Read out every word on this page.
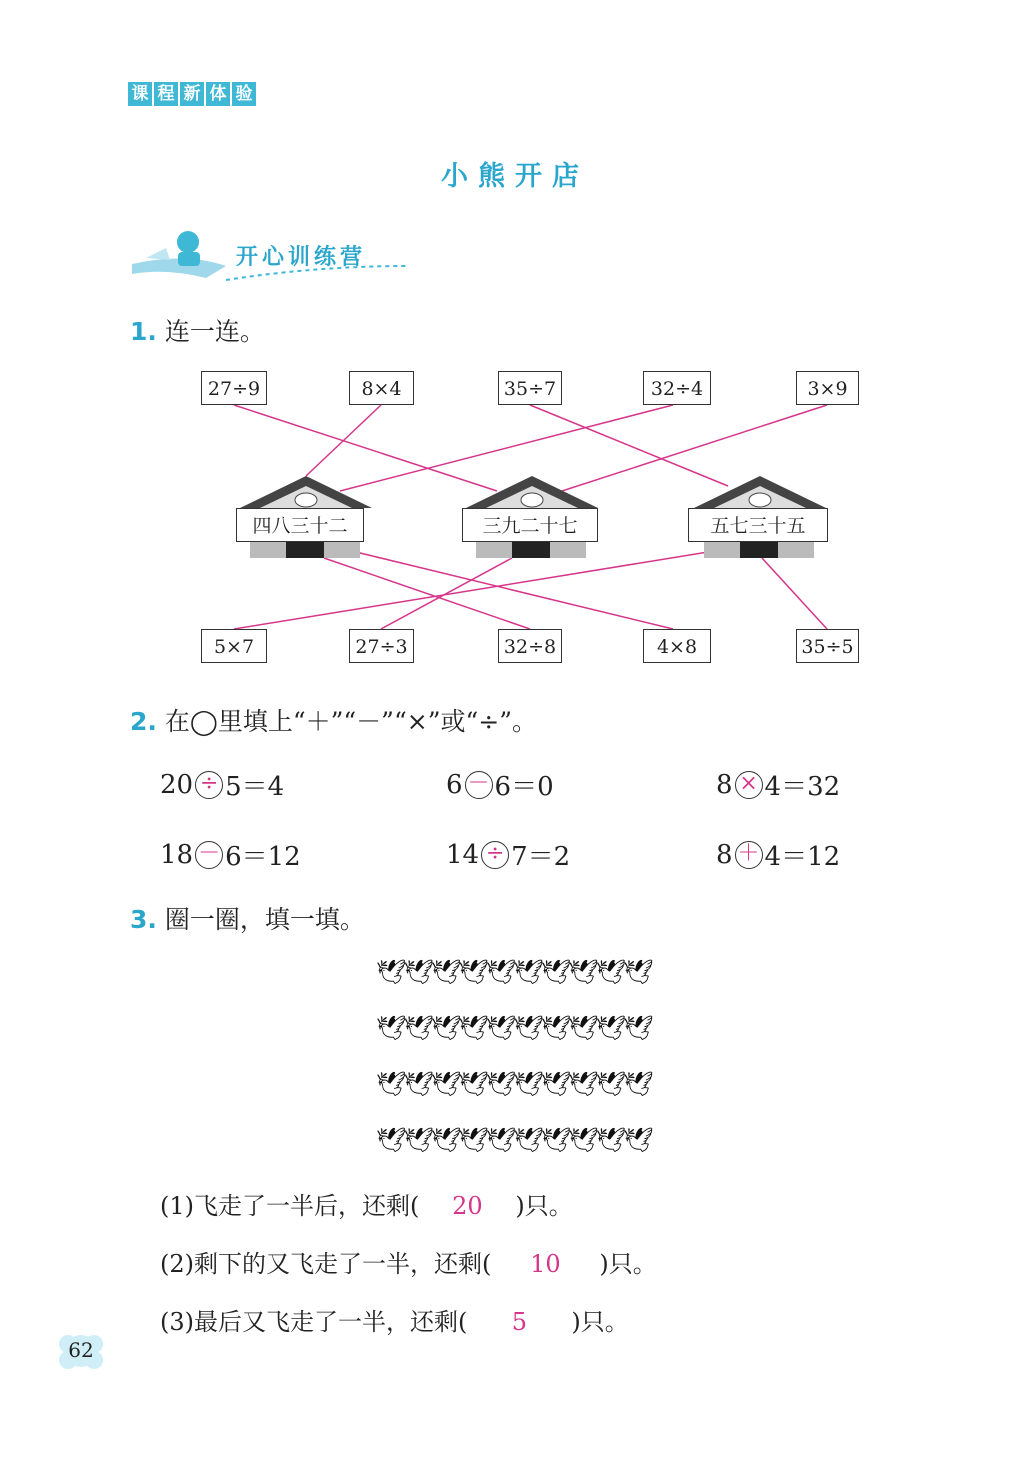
课 程 新 体 验
小熊开店
开心训练营
1. 连一连。
27÷9	8×4	35÷7	32÷4	3×9
四八三十二	三九二十七	五七三十五
5×7	27÷3	32÷8	4×8	35÷5
2. 在◯里填上“＋”“－”“×”或“÷”。
20 ÷ 5＝4	6 － 6＝0	8 × 4＝32
18 － 6＝12	14 ÷ 7＝2	8 ＋ 4＝12
3. 圈一圈，填一填。
🕊🕊🕊🕊🕊🕊🕊🕊🕊🕊
🕊🕊🕊🕊🕊🕊🕊🕊🕊🕊
🕊🕊🕊🕊🕊🕊🕊🕊🕊🕊
🕊🕊🕊🕊🕊🕊🕊🕊🕊🕊
(1)飞走了一半后，还剩( 20 )只。
(2)剩下的又飞走了一半，还剩( 10 )只。
(3)最后又飞走了一半，还剩( 5 )只。
62
